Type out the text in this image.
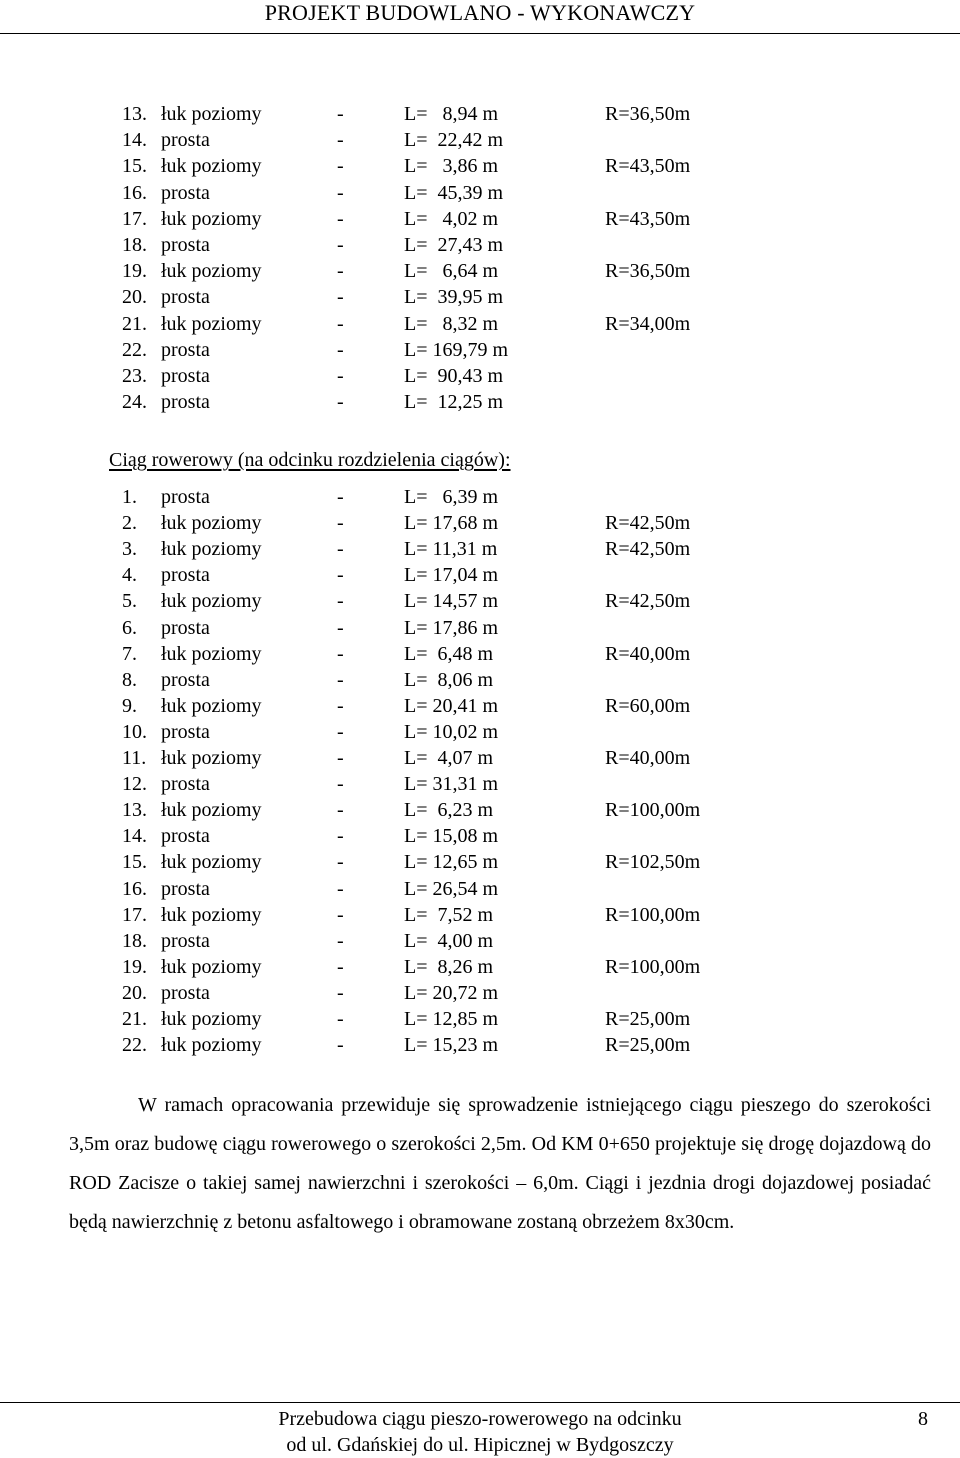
PROJEKT BUDOWLANO - WYKONAWCZY
13. łuk poziomy	-	L=   8,94 m	R=36,50m
14. prosta	-	L=  22,42 m
15. łuk poziomy	-	L=   3,86 m	R=43,50m
16. prosta	-	L=  45,39 m
17. łuk poziomy	-	L=   4,02 m	R=43,50m
18. prosta	-	L=  27,43 m
19. łuk poziomy	-	L=   6,64 m	R=36,50m
20. prosta	-	L=  39,95 m
21. łuk poziomy	-	L=   8,32 m	R=34,00m
22. prosta	-	L= 169,79 m
23. prosta	-	L=  90,43 m
24. prosta	-	L=  12,25 m
Ciąg rowerowy (na odcinku rozdzielenia ciągów):
1. prosta	-	L=   6,39 m
2. łuk poziomy	-	L= 17,68 m	R=42,50m
3. łuk poziomy	-	L= 11,31 m	R=42,50m
4. prosta	-	L= 17,04 m
5. łuk poziomy	-	L= 14,57 m	R=42,50m
6. prosta	-	L= 17,86 m
7. łuk poziomy	-	L=  6,48 m	R=40,00m
8. prosta	-	L=  8,06 m
9. łuk poziomy	-	L= 20,41 m	R=60,00m
10. prosta	-	L= 10,02 m
11. łuk poziomy	-	L=  4,07 m	R=40,00m
12. prosta	-	L= 31,31 m
13. łuk poziomy	-	L=  6,23 m	R=100,00m
14. prosta	-	L= 15,08 m
15. łuk poziomy	-	L= 12,65 m	R=102,50m
16. prosta	-	L= 26,54 m
17. łuk poziomy	-	L=  7,52 m	R=100,00m
18. prosta	-	L=  4,00 m
19. łuk poziomy	-	L=  8,26 m	R=100,00m
20. prosta	-	L= 20,72 m
21. łuk poziomy	-	L= 12,85 m	R=25,00m
22. łuk poziomy	-	L= 15,23 m	R=25,00m

W ramach opracowania przewiduje się sprowadzenie istniejącego ciągu pieszego do szerokości 3,5m oraz budowę ciągu rowerowego o szerokości 2,5m. Od KM 0+650 projektuje się drogę dojazdową do ROD Zacisze o takiej samej nawierzchni i szerokości – 6,0m. Ciągi i jezdnia drogi dojazdowej posiadać będą nawierzchnię z betonu asfaltowego i obramowane zostaną obrzeżem 8x30cm.

Przebudowa ciągu pieszo-rowerowego na odcinku
od ul. Gdańskiej do ul. Hipicznej w Bydgoszczy
8
